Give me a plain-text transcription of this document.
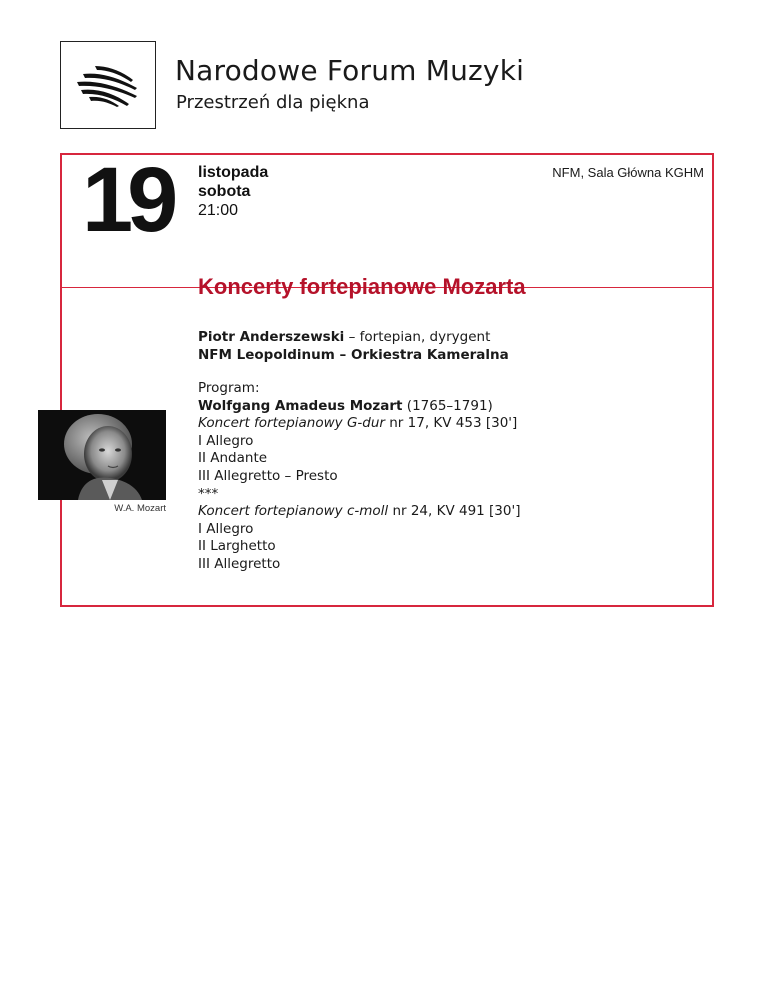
Narodowe Forum Muzyki
Przestrzeń dla piękna
19 listopada
sobota
21:00
NFM, Sala Główna KGHM
Koncerty fortepianowe Mozarta
Piotr Anderszewski – fortepian, dyrygent
NFM Leopoldinum – Orkiestra Kameralna
Program:
Wolfgang Amadeus Mozart (1765–1791)
Koncert fortepianowy G-dur nr 17, KV 453 [30']
I Allegro
II Andante
III Allegretto – Presto
***
Koncert fortepianowy c-moll nr 24, KV 491 [30']
I Allegro
II Larghetto
III Allegretto
W.A. Mozart
